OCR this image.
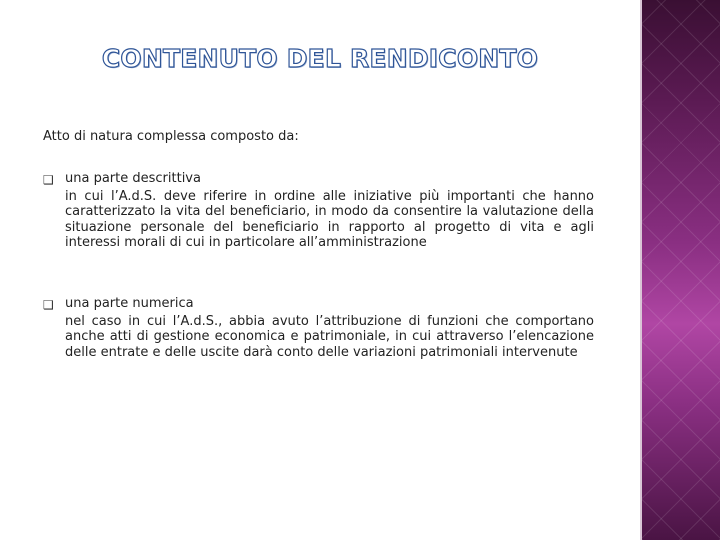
CONTENUTO DEL RENDICONTO
Atto di natura complessa composto da:
❑ una parte descrittiva
in cui l’A.d.S. deve riferire in ordine alle iniziative più importanti che hanno caratterizzato la vita del beneficiario, in modo da consentire la valutazione della situazione personale del beneficiario in rapporto al progetto di vita e agli interessi morali di cui in particolare all’amministrazione
❑ una parte numerica
nel caso in cui l’A.d.S., abbia avuto l’attribuzione di funzioni che comportano anche atti di gestione economica e patrimoniale, in cui attraverso l’elencazione delle entrate e delle uscite darà conto delle variazioni patrimoniali intervenute
